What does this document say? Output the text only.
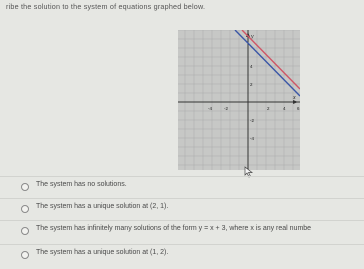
ribe the solution to the system of equations graphed below.
y
x
-4	-2	2	4	6
4
2
-2
-4
The system has no solutions.
The system has a unique solution at (2, 1).
The system has infinitely many solutions of the form y = x + 3, where x is any real numbe
The system has a unique solution at (1, 2).
